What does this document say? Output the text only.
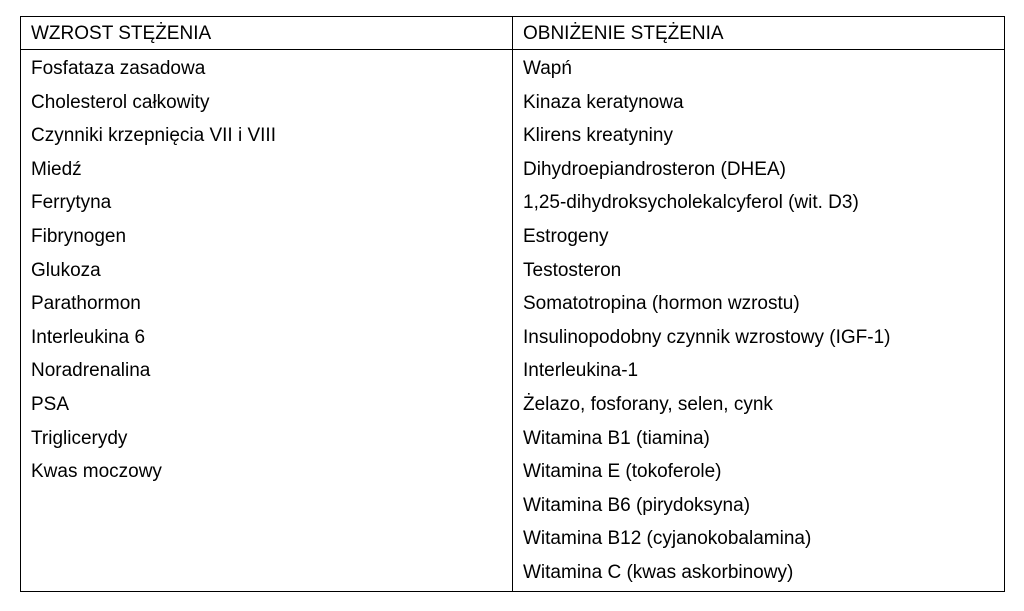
WZROST STĘŻENIA	OBNIŻENIE STĘŻENIA
Fosfataza zasadowa
Cholesterol całkowity
Czynniki krzepnięcia VII i VIII
Miedź
Ferrytyna
Fibrynogen
Glukoza
Parathormon
Interleukina 6
Noradrenalina
PSA
Triglicerydy
Kwas moczowy
Wapń
Kinaza keratynowa
Klirens kreatyniny
Dihydroepiandrosteron (DHEA)
1,25-dihydroksycholekalcyferol (wit. D3)
Estrogeny
Testosteron
Somatotropina (hormon wzrostu)
Insulinopodobny czynnik wzrostowy (IGF-1)
Interleukina-1
Żelazo, fosforany, selen, cynk
Witamina B1 (tiamina)
Witamina E (tokoferole)
Witamina B6 (pirydoksyna)
Witamina B12 (cyjanokobalamina)
Witamina C (kwas askorbinowy)
